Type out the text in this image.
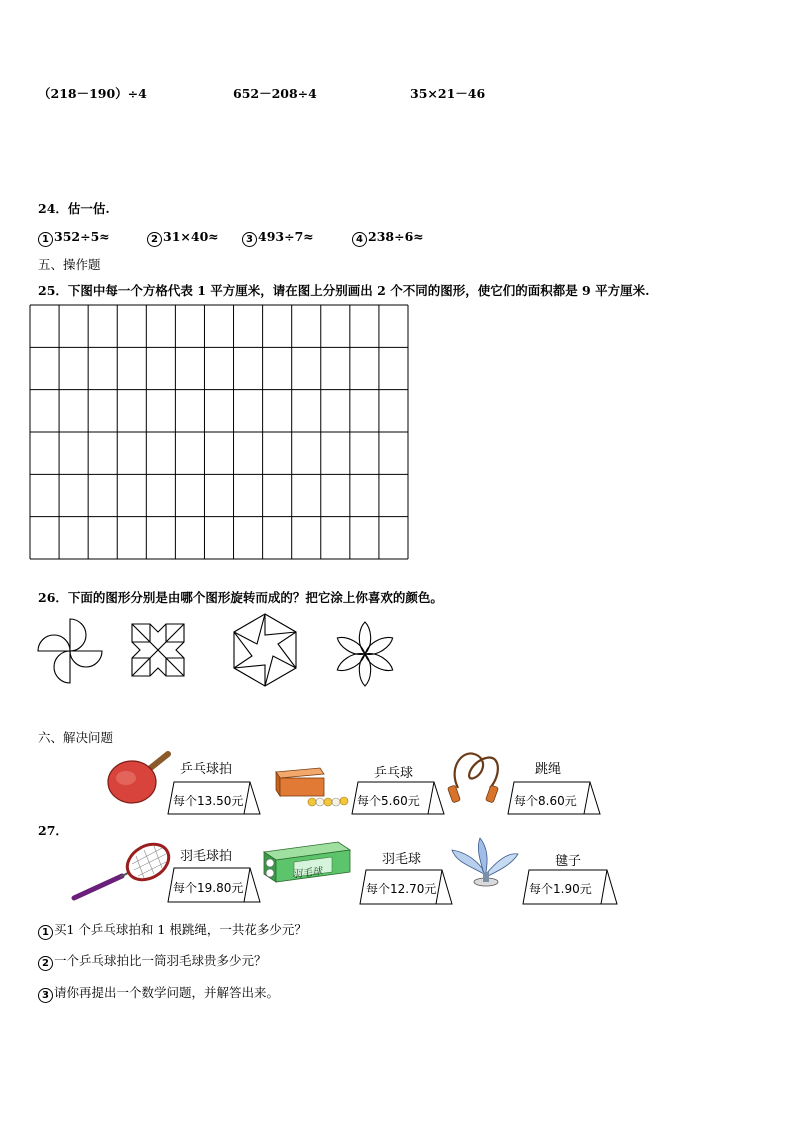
（218－190）÷4	652－208÷4	35×21－46
24．估一估.
1 352÷5≈	2 31×40≈	3 493÷7≈	4 238÷6≈
五、操作题
25．下图中每一个方格代表 1 平方厘米，请在图上分别画出 2 个不同的图形，使它们的面积都是 9 平方厘米.
26．下面的图形分别是由哪个图形旋转而成的？把它涂上你喜欢的颜色。
六、解决问题
乒乓球拍
每个13.50元
乒乓球
每个5.60元
跳绳
每个8.60元
27．
羽毛球拍
每个19.80元
羽毛球
羽毛球
每个12.70元
毽子
每个1.90元
1 买1 个乒乓球拍和 1 根跳绳，一共花多少元？
2 一个乒乓球拍比一筒羽毛球贵多少元？
3 请你再提出一个数学问题，并解答出来。
